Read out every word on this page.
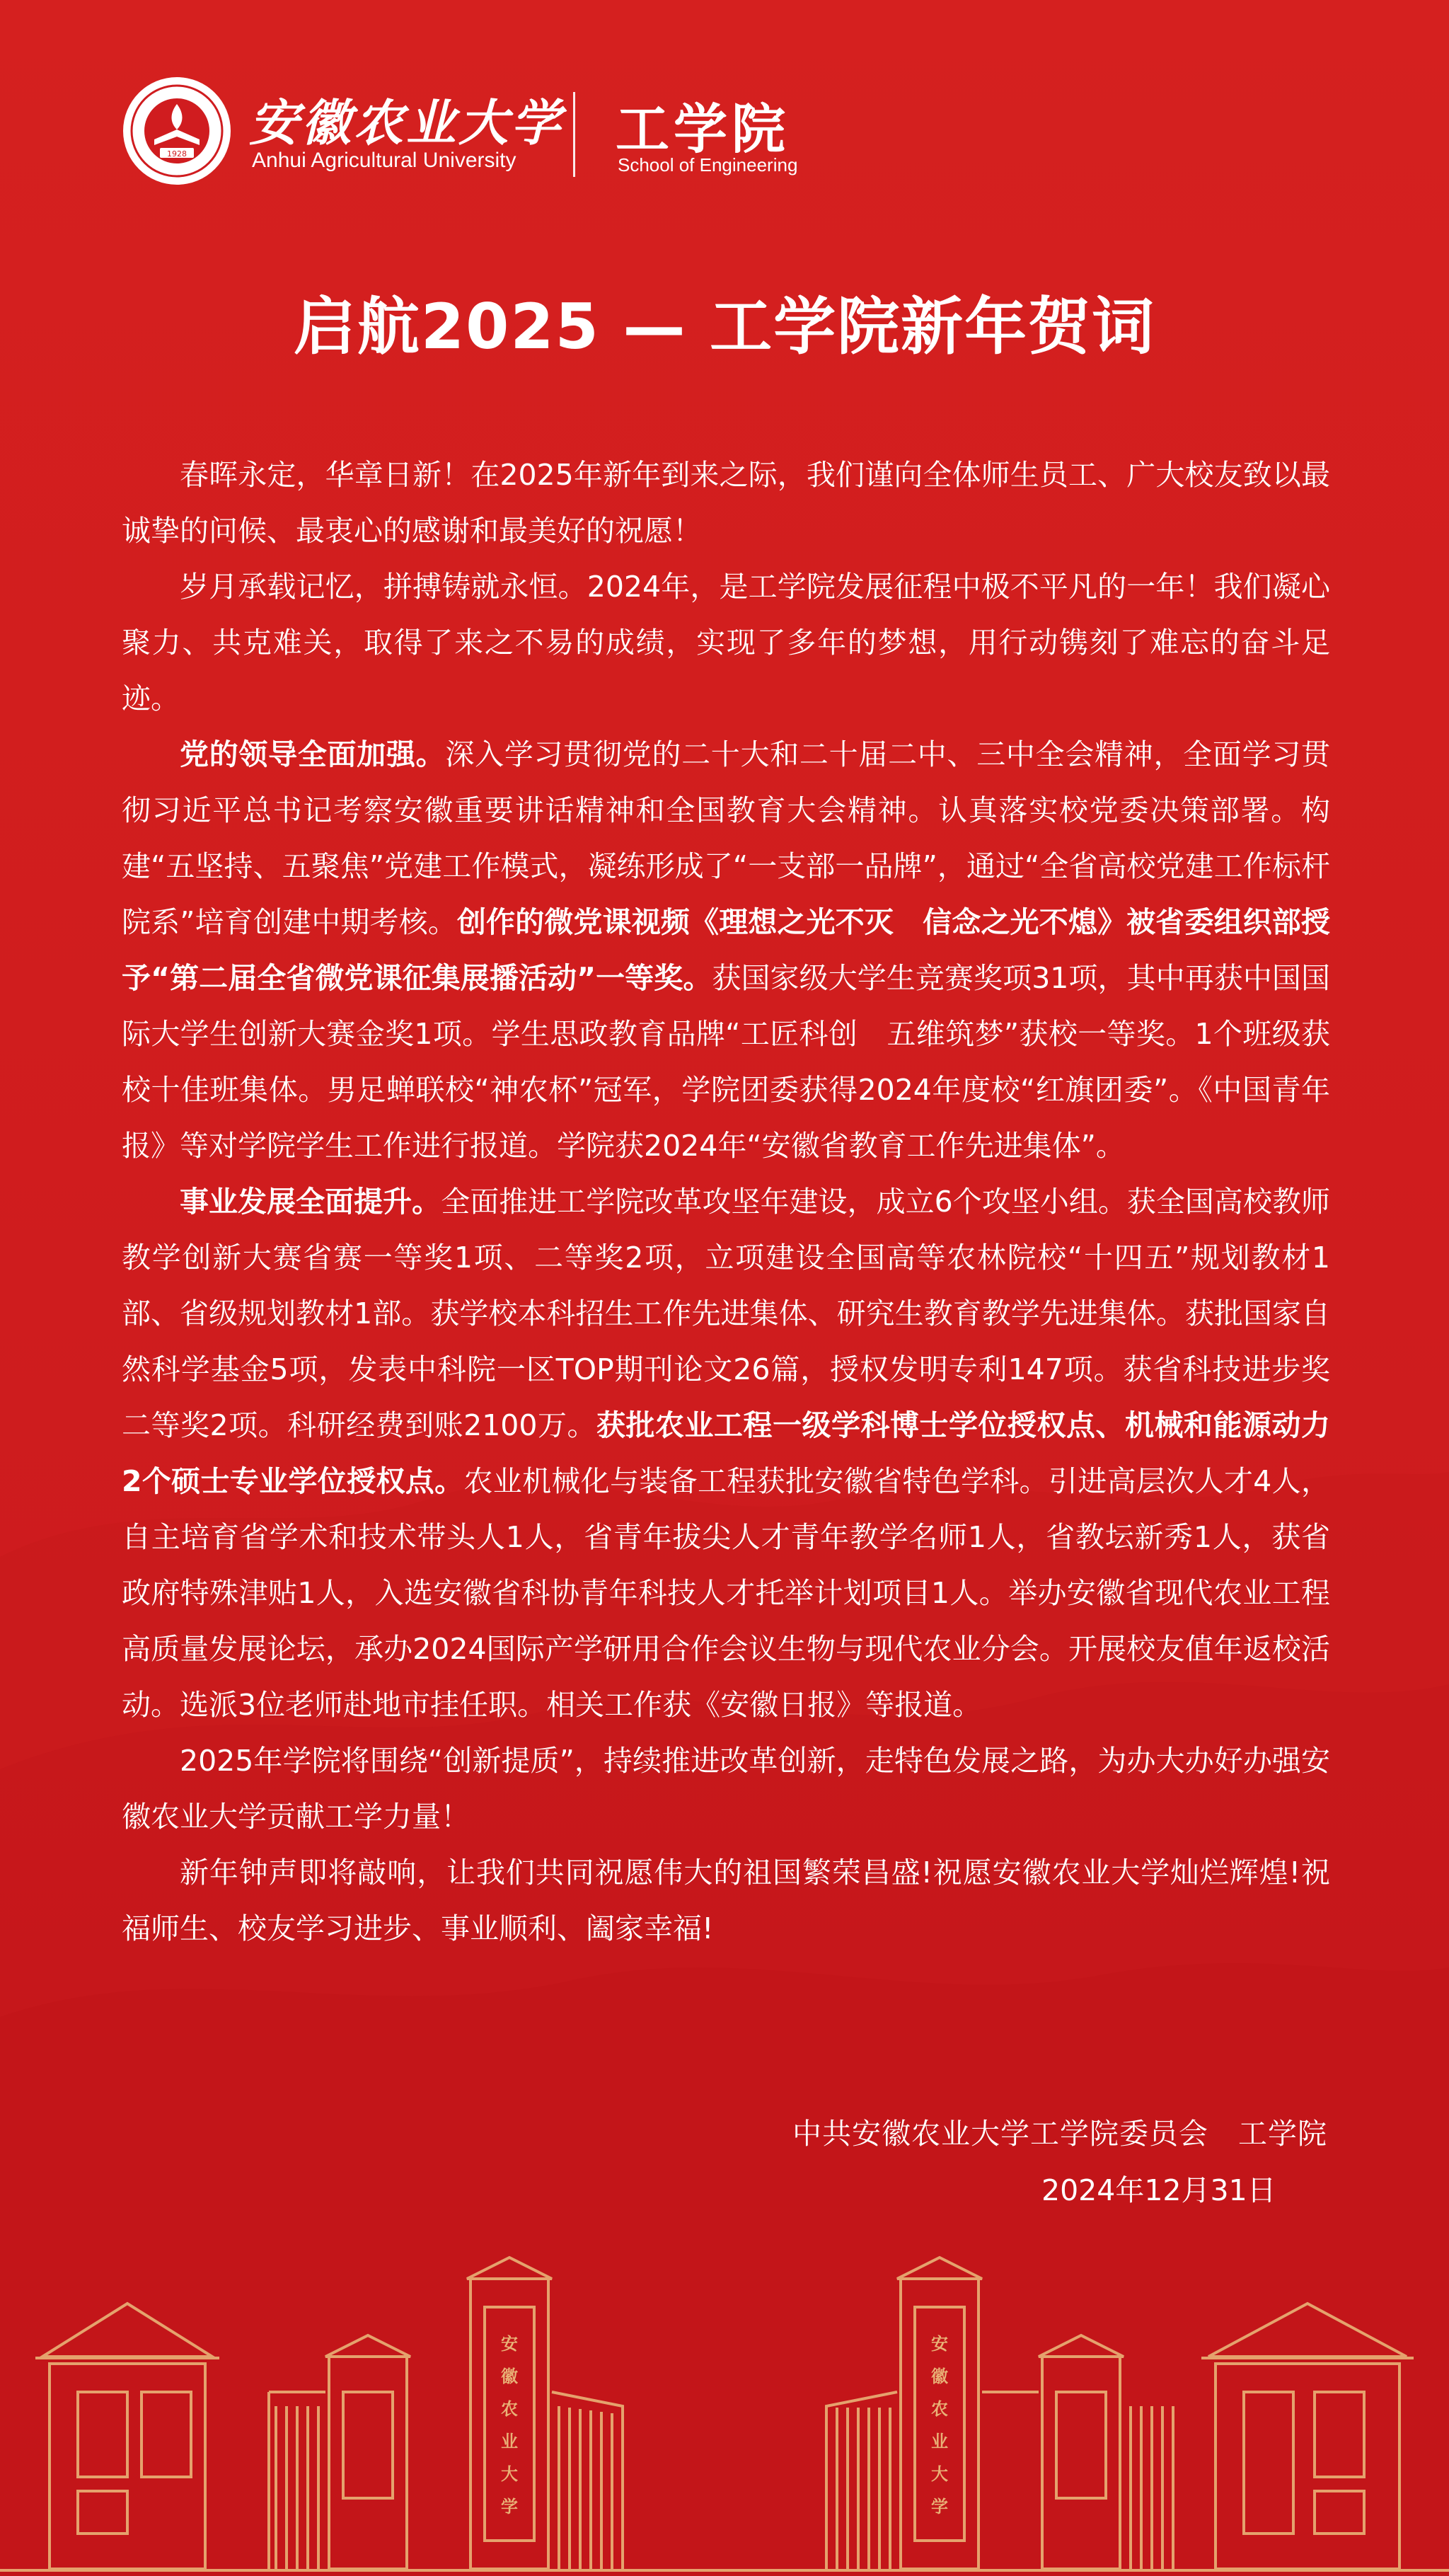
1928
安徽农业大学
Anhui Agricultural University 工学院
School of Engineering
启航2025 — 工学院新年贺词

春晖永定，华章日新！在2025年新年到来之际，我们谨向全体师生员工、广大校友致以最诚挚的问候、最衷心的感谢和最美好的祝愿！

岁月承载记忆，拼搏铸就永恒。2024年，是工学院发展征程中极不平凡的一年！我们凝心聚力、共克难关，取得了来之不易的成绩，实现了多年的梦想，用行动镌刻了难忘的奋斗足迹。

党的领导全面加强。深入学习贯彻党的二十大和二十届二中、三中全会精神，全面学习贯彻习近平总书记考察安徽重要讲话精神和全国教育大会精神。认真落实校党委决策部署。构建“五坚持、五聚焦”党建工作模式，凝练形成了“一支部一品牌”，通过“全省高校党建工作标杆院系”培育创建中期考核。创作的微党课视频《理想之光不灭　信念之光不熄》被省委组织部授予“第二届全省微党课征集展播活动”一等奖。获国家级大学生竞赛奖项31项，其中再获中国国际大学生创新大赛金奖1项。学生思政教育品牌“工匠科创　五维筑梦”获校一等奖。1个班级获校十佳班集体。男足蝉联校“神农杯”冠军，学院团委获得2024年度校“红旗团委”。《中国青年报》等对学院学生工作进行报道。学院获2024年“安徽省教育工作先进集体”。

事业发展全面提升。全面推进工学院改革攻坚年建设，成立6个攻坚小组。获全国高校教师教学创新大赛省赛一等奖1项、二等奖2项，立项建设全国高等农林院校“十四五”规划教材1部、省级规划教材1部。获学校本科招生工作先进集体、研究生教育教学先进集体。获批国家自然科学基金5项，发表中科院一区TOP期刊论文26篇，授权发明专利147项。获省科技进步奖二等奖2项。科研经费到账2100万。获批农业工程一级学科博士学位授权点、机械和能源动力2个硕士专业学位授权点。农业机械化与装备工程获批安徽省特色学科。引进高层次人才4人，自主培育省学术和技术带头人1人，省青年拔尖人才青年教学名师1人，省教坛新秀1人，获省政府特殊津贴1人，入选安徽省科协青年科技人才托举计划项目1人。举办安徽省现代农业工程高质量发展论坛，承办2024国际产学研用合作会议生物与现代农业分会。开展校友值年返校活动。选派3位老师赴地市挂任职。相关工作获《安徽日报》等报道。

2025年学院将围绕“创新提质”，持续推进改革创新，走特色发展之路，为办大办好办强安徽农业大学贡献工学力量！

新年钟声即将敲响，让我们共同祝愿伟大的祖国繁荣昌盛!祝愿安徽农业大学灿烂辉煌!祝福师生、校友学习进步、事业顺利、阖家幸福!

中共安徽农业大学工学院委员会　工学院
2024年12月31日
安徽农业大学
安徽农业大学
